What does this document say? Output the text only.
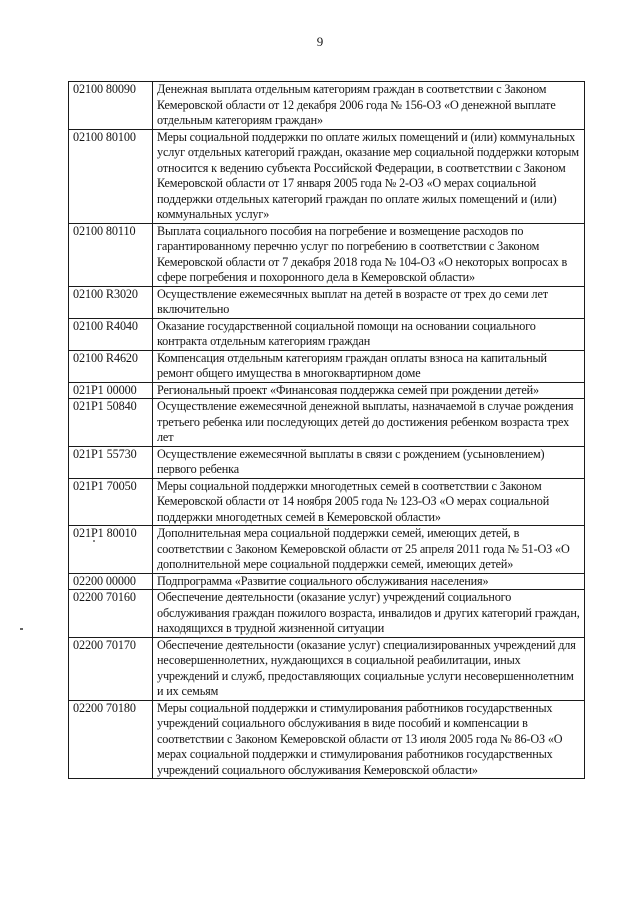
9
02100 80090	Денежная выплата отдельным категориям граждан в соответствии с Законом Кемеровской области от 12 декабря 2006 года № 156-ОЗ «О денежной выплате отдельным категориям граждан»
02100 80100	Меры социальной поддержки по оплате жилых помещений и (или) коммунальных услуг отдельных категорий граждан, оказание мер социальной поддержки которым относится к ведению субъекта Российской Федерации, в соответствии с Законом Кемеровской области от 17 января 2005 года № 2-ОЗ «О мерах социальной поддержки отдельных категорий граждан по оплате жилых помещений и (или) коммунальных услуг»
02100 80110	Выплата социального пособия на погребение и возмещение расходов по гарантированному перечню услуг по погребению в соответствии с Законом Кемеровской области от 7 декабря 2018 года № 104-ОЗ «О некоторых вопросах в сфере погребения и похоронного дела в Кемеровской области»
02100 R3020	Осуществление ежемесячных выплат на детей в возрасте от трех до семи лет включительно
02100 R4040	Оказание государственной социальной помощи на основании социального контракта отдельным категориям граждан
02100 R4620	Компенсация отдельным категориям граждан оплаты взноса на капитальный ремонт общего имущества в многоквартирном доме
021P1 00000	Региональный проект «Финансовая поддержка семей при рождении детей»
021P1 50840	Осуществление ежемесячной денежной выплаты, назначаемой в случае рождения третьего ребенка или последующих детей до достижения ребенком возраста трех лет
021P1 55730	Осуществление ежемесячной выплаты в связи с рождением (усыновлением) первого ребенка
021P1 70050	Меры социальной поддержки многодетных семей в соответствии с Законом Кемеровской области от 14 ноября 2005 года № 123-ОЗ «О мерах социальной поддержки многодетных семей в Кемеровской области»
021P1 80010	Дополнительная мера социальной поддержки семей, имеющих детей, в соответствии с Законом Кемеровской области от 25 апреля 2011 года № 51-ОЗ «О дополнительной мере социальной поддержки семей, имеющих детей»
02200 00000	Подпрограмма «Развитие социального обслуживания населения»
02200 70160	Обеспечение деятельности (оказание услуг) учреждений социального обслуживания граждан пожилого возраста, инвалидов и других категорий граждан, находящихся в трудной жизненной ситуации
02200 70170	Обеспечение деятельности (оказание услуг) специализированных учреждений для несовершеннолетних, нуждающихся в социальной реабилитации, иных учреждений и служб, предоставляющих социальные услуги несовершеннолетним и их семьям
02200 70180	Меры социальной поддержки и стимулирования работников государственных учреждений социального обслуживания в виде пособий и компенсации в соответствии с Законом Кемеровской области от 13 июля 2005 года № 86-ОЗ «О мерах социальной поддержки и стимулирования работников государственных учреждений социального обслуживания Кемеровской области»
